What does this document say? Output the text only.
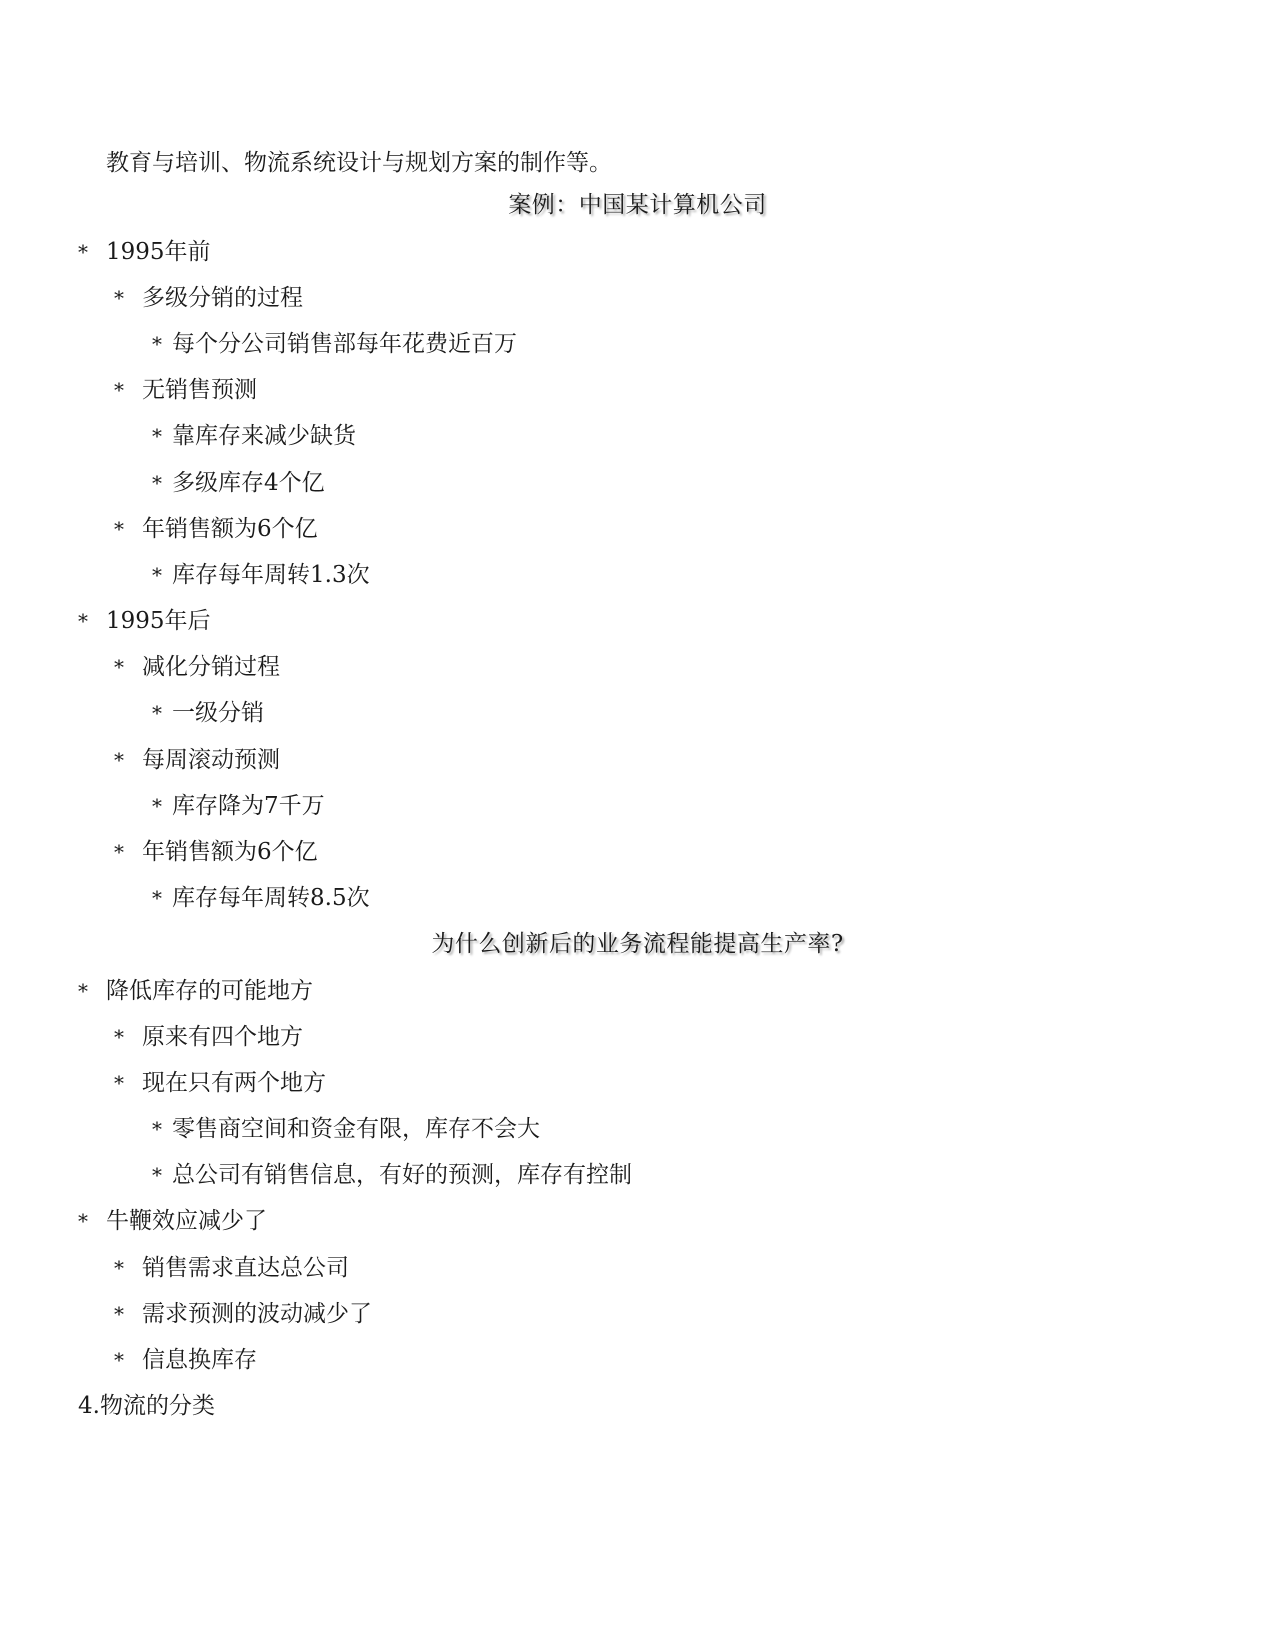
教育与培训、物流系统设计与规划方案的制作等。
案例：中国某计算机公司
* 1995年前
* 多级分销的过程
* 每个分公司销售部每年花费近百万
* 无销售预测
* 靠库存来减少缺货
* 多级库存4个亿
* 年销售额为6个亿
* 库存每年周转1.3次
* 1995年后
* 减化分销过程
* 一级分销
* 每周滚动预测
* 库存降为7千万
* 年销售额为6个亿
* 库存每年周转8.5次
为什么创新后的业务流程能提高生产率?
* 降低库存的可能地方
* 原来有四个地方
* 现在只有两个地方
* 零售商空间和资金有限，库存不会大
* 总公司有销售信息，有好的预测，库存有控制
* 牛鞭效应减少了
* 销售需求直达总公司
* 需求预测的波动减少了
* 信息换库存
4.物流的分类
